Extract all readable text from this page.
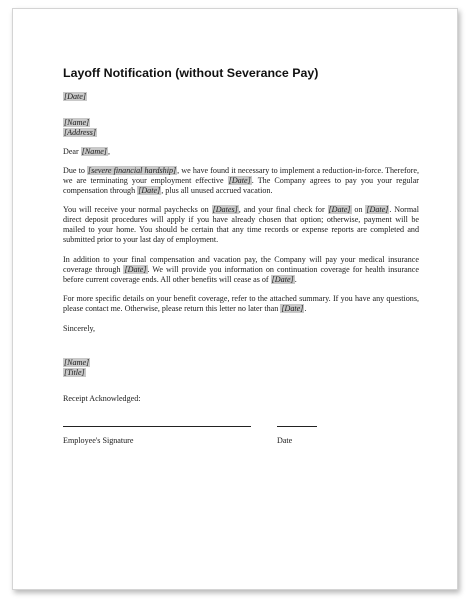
Layoff Notification (without Severance Pay)
[Date]
[Name]
[Address]
Dear [Name],

Due to [severe financial hardship], we have found it necessary to implement a reduction-in-force. Therefore, we are terminating your employment effective [Date]. The Company agrees to pay you your regular compensation through [Date], plus all unused accrued vacation.

You will receive your normal paychecks on [Dates], and your final check for [Date] on [Date]. Normal direct deposit procedures will apply if you have already chosen that option; otherwise, payment will be mailed to your home. You should be certain that any time records or expense reports are completed and submitted prior to your last day of employment.

In addition to your final compensation and vacation pay, the Company will pay your medical insurance coverage through [Date]. We will provide you information on continuation coverage for health insurance before current coverage ends. All other benefits will cease as of [Date].

For more specific details on your benefit coverage, refer to the attached summary. If you have any questions, please contact me. Otherwise, please return this letter no later than [Date].

Sincerely,
[Name]
[Title]
Receipt Acknowledged:
Employee's Signature	Date
